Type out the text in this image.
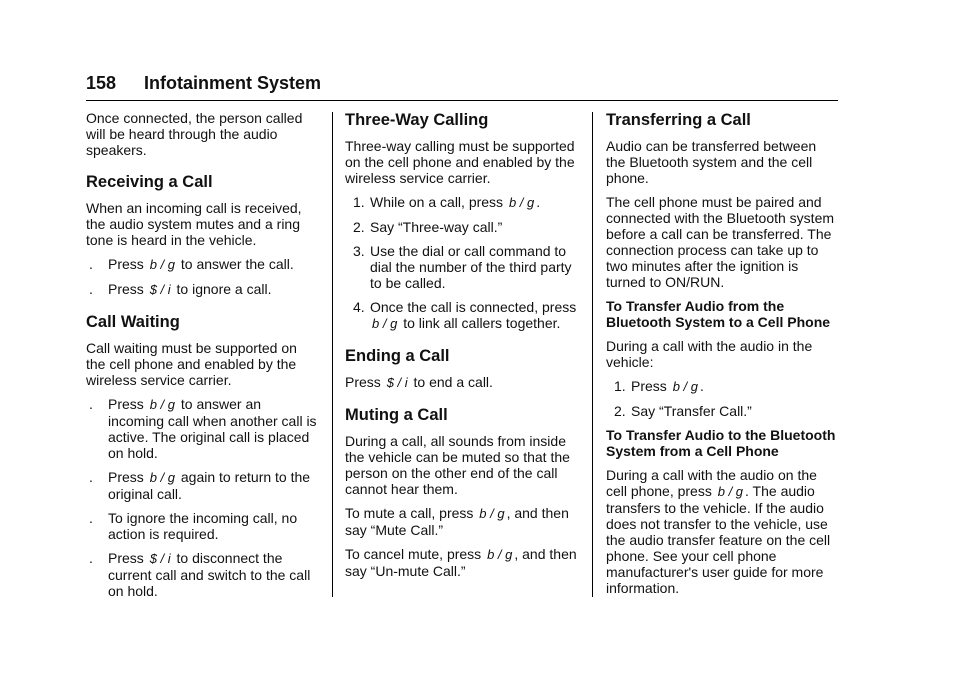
158 Infotainment System

Once connected, the person called will be heard through the audio speakers.

Receiving a Call

When an incoming call is received, the audio system mutes and a ring tone is heard in the vehicle.

. Press b / g to answer the call.
. Press $ / i to ignore a call.
Call Waiting

Call waiting must be supported on the cell phone and enabled by the wireless service carrier.

. Press b / g to answer an incoming call when another call is active. The original call is placed on hold.
. Press b / g again to return to the original call.
. To ignore the incoming call, no action is required.
. Press $ / i to disconnect the current call and switch to the call on hold.
Three-Way Calling

Three-way calling must be supported on the cell phone and enabled by the wireless service carrier.

1. While on a call, press b / g .
2. Say “Three-way call.”
3. Use the dial or call command to dial the number of the third party to be called.
4. Once the call is connected, press b / g to link all callers together.
Ending a Call

Press $ / i to end a call.

Muting a Call

During a call, all sounds from inside the vehicle can be muted so that the person on the other end of the call cannot hear them.

To mute a call, press b / g , and then say “Mute Call.”

To cancel mute, press b / g , and then say “Un-mute Call.”

Transferring a Call

Audio can be transferred between the Bluetooth system and the cell phone.

The cell phone must be paired and connected with the Bluetooth system before a call can be transferred. The connection process can take up to two minutes after the ignition is turned to ON/RUN.

To Transfer Audio from the Bluetooth System to a Cell Phone

During a call with the audio in the vehicle:

1. Press b / g .
2. Say “Transfer Call.”

To Transfer Audio to the Bluetooth System from a Cell Phone

During a call with the audio on the cell phone, press b / g . The audio transfers to the vehicle. If the audio does not transfer to the vehicle, use the audio transfer feature on the cell phone. See your cell phone manufacturer's user guide for more information.
